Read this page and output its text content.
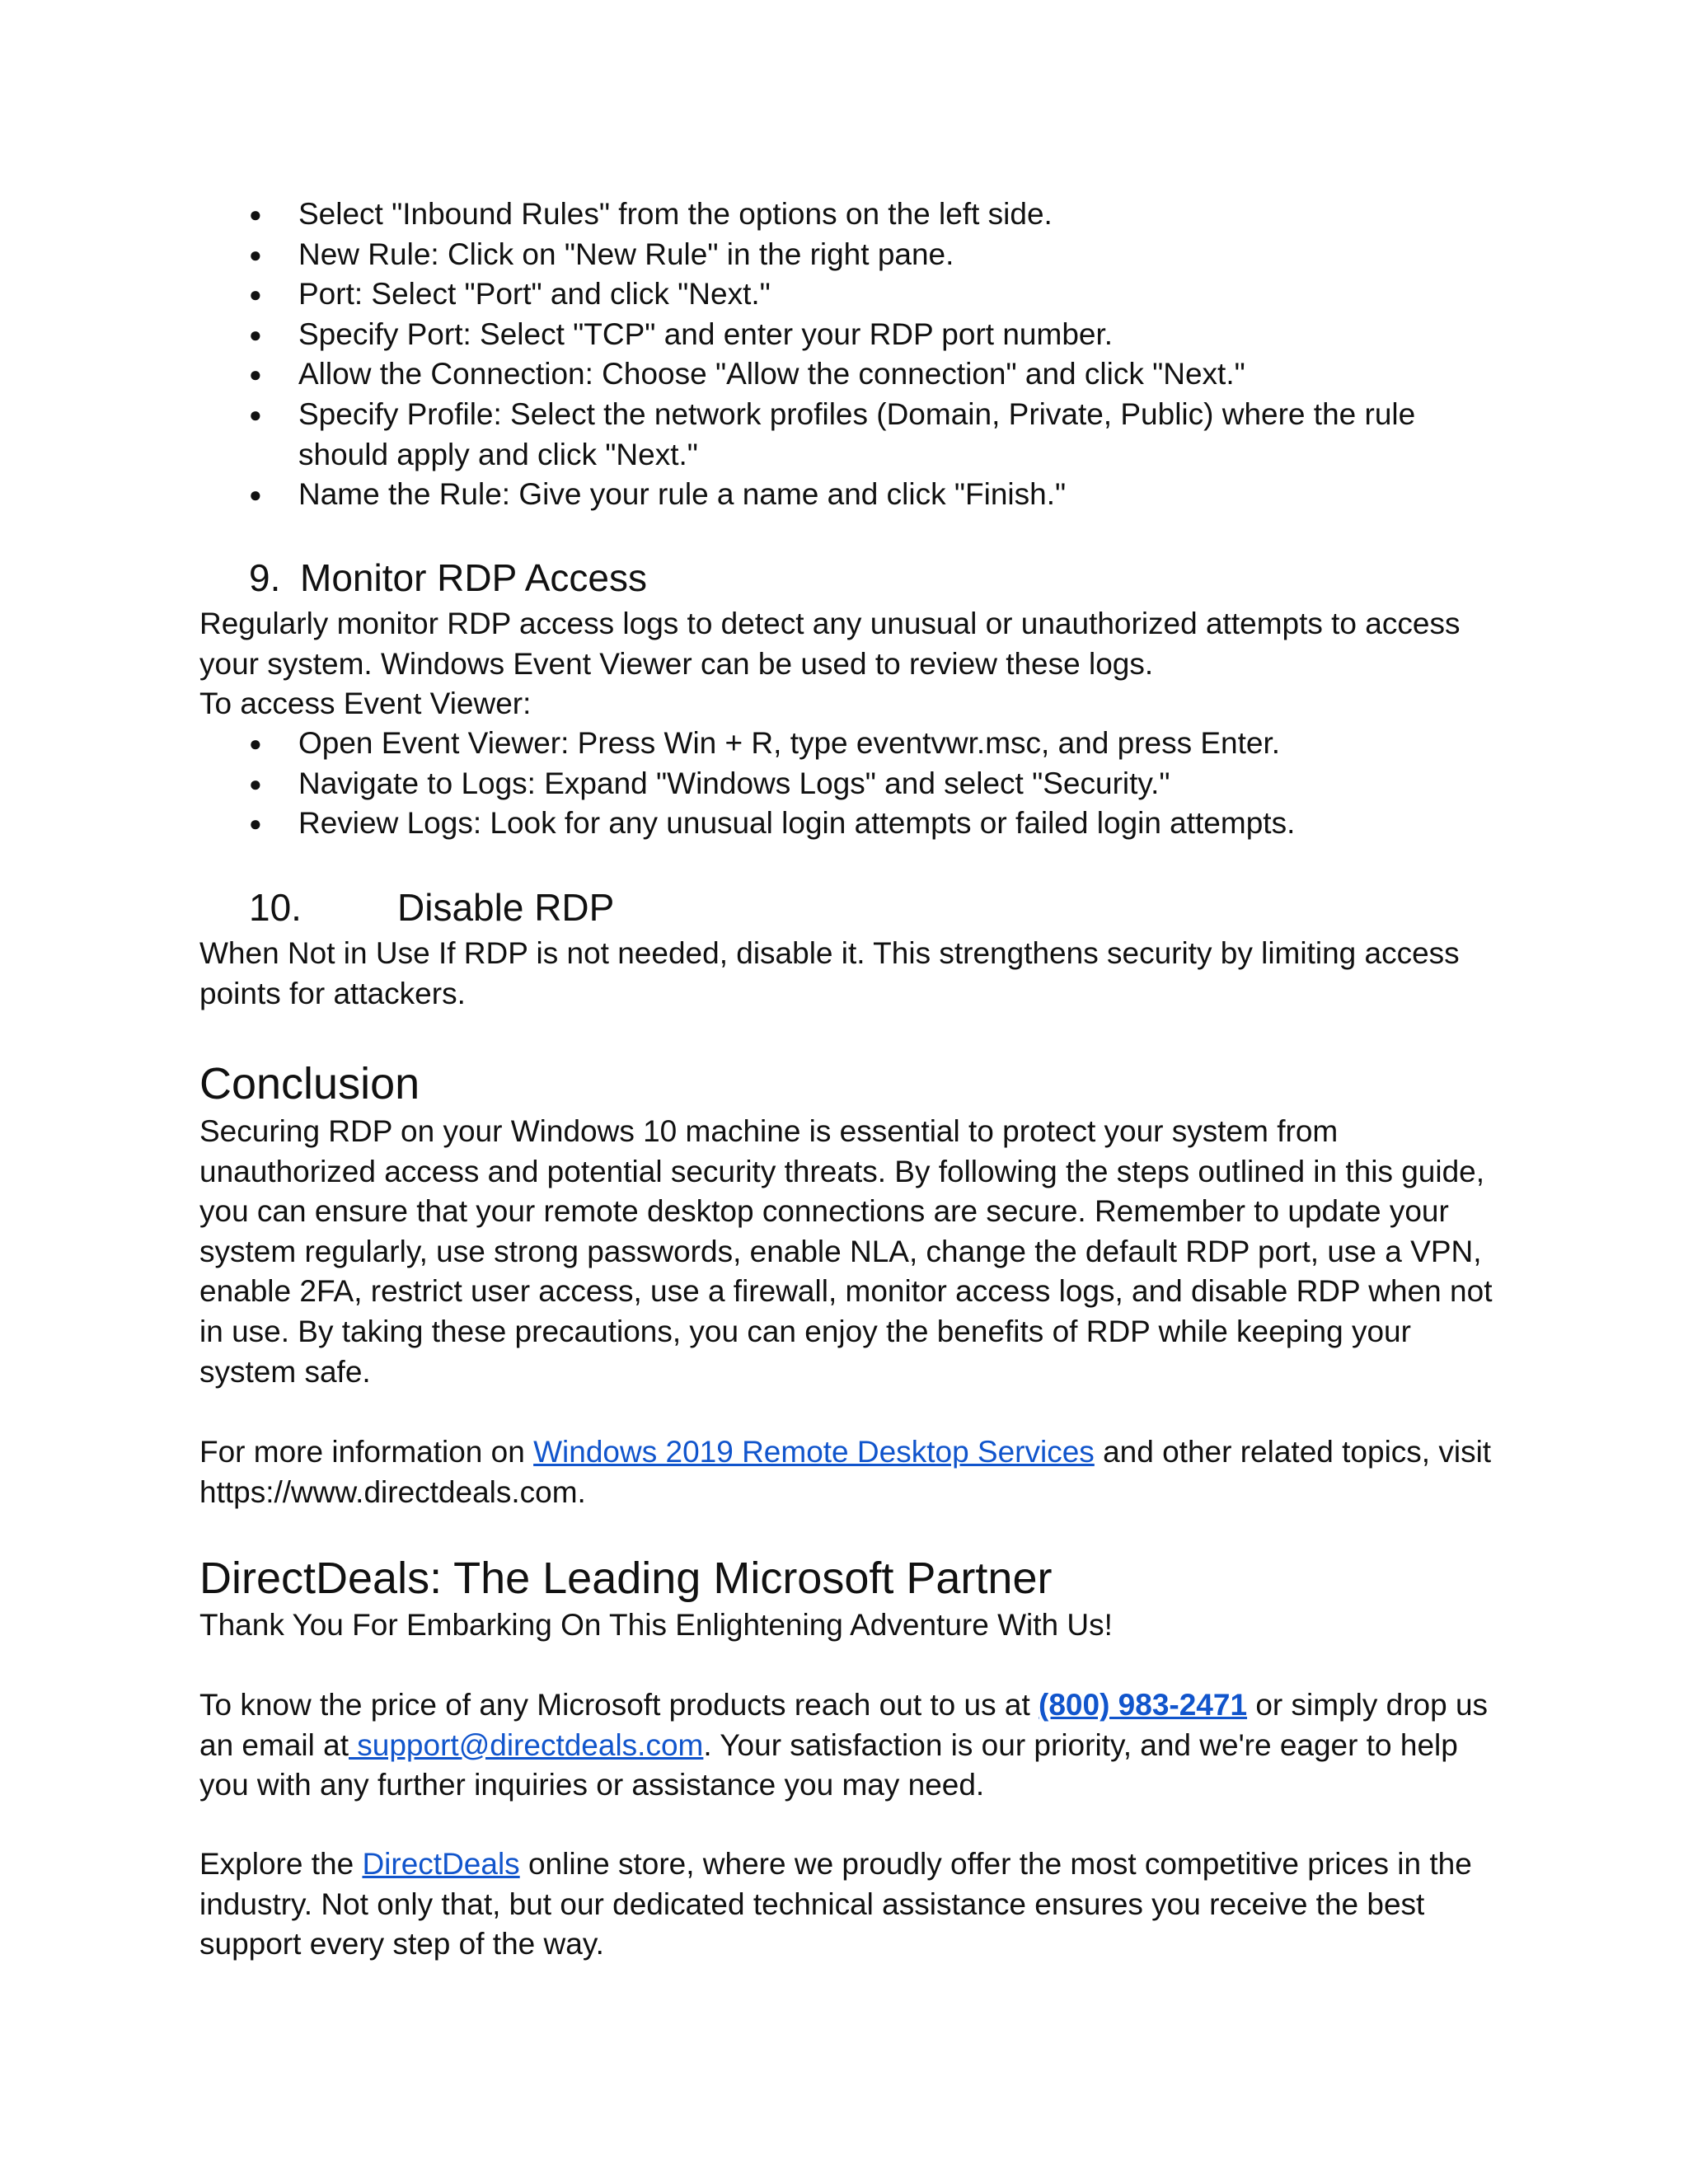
● Select "Inbound Rules" from the options on the left side.
● New Rule: Click on "New Rule" in the right pane.
● Port: Select "Port" and click "Next."
● Specify Port: Select "TCP" and enter your RDP port number.
● Allow the Connection: Choose "Allow the connection" and click "Next."
● Specify Profile: Select the network profiles (Domain, Private, Public) where the rule should apply and click "Next."
● Name the Rule: Give your rule a name and click "Finish."
9. Monitor RDP Access

Regularly monitor RDP access logs to detect any unusual or unauthorized attempts to access your system. Windows Event Viewer can be used to review these logs.

To access Event Viewer:

● Open Event Viewer: Press Win + R, type eventvwr.msc, and press Enter.
● Navigate to Logs: Expand "Windows Logs" and select "Security."
● Review Logs: Look for any unusual login attempts or failed login attempts.
10.	Disable RDP

When Not in Use If RDP is not needed, disable it. This strengthens security by limiting access points for attackers.

Conclusion

Securing RDP on your Windows 10 machine is essential to protect your system from unauthorized access and potential security threats. By following the steps outlined in this guide, you can ensure that your remote desktop connections are secure. Remember to update your system regularly, use strong passwords, enable NLA, change the default RDP port, use a VPN, enable 2FA, restrict user access, use a firewall, monitor access logs, and disable RDP when not in use. By taking these precautions, you can enjoy the benefits of RDP while keeping your system safe.

For more information on Windows 2019 Remote Desktop Services and other related topics, visit https://www.directdeals.com.

DirectDeals: The Leading Microsoft Partner

Thank You For Embarking On This Enlightening Adventure With Us!

To know the price of any Microsoft products reach out to us at (800) 983-2471 or simply drop us an email at support@directdeals.com. Your satisfaction is our priority, and we're eager to help you with any further inquiries or assistance you may need.

Explore the DirectDeals online store, where we proudly offer the most competitive prices in the industry. Not only that, but our dedicated technical assistance ensures you receive the best support every step of the way.
